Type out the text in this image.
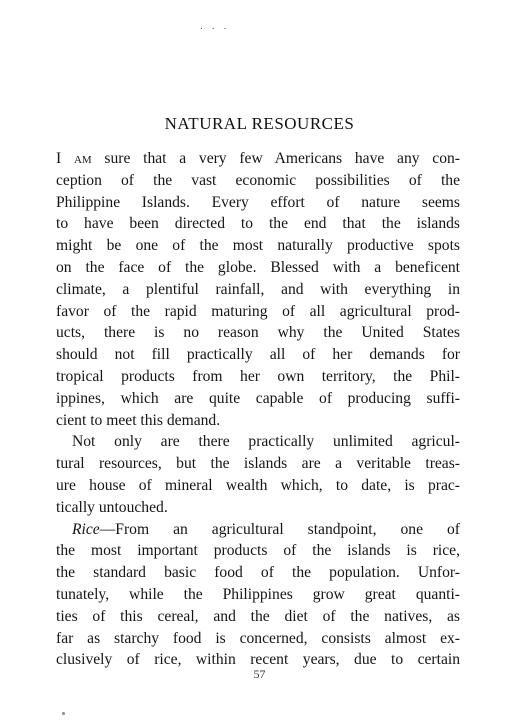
. . .
NATURAL RESOURCES

I am sure that a very few Americans have any con-
ception of the vast economic possibilities of the
Philippine Islands. Every effort of nature seems
to have been directed to the end that the islands
might be one of the most naturally productive spots
on the face of the globe. Blessed with a beneficent
climate, a plentiful rainfall, and with everything in
favor of the rapid maturing of all agricultural prod-
ucts, there is no reason why the United States
should not fill practically all of her demands for
tropical products from her own territory, the Phil-
ippines, which are quite capable of producing suffi-
cient to meet this demand.

Not only are there practically unlimited agricul-
tural resources, but the islands are a veritable treas-
ure house of mineral wealth which, to date, is prac-
tically untouched.

Rice—From an agricultural standpoint, one of
the most important products of the islands is rice,
the standard basic food of the population. Unfor-
tunately, while the Philippines grow great quanti-
ties of this cereal, and the diet of the natives, as
far as starchy food is concerned, consists almost ex-
clusively of rice, within recent years, due to certain

57
